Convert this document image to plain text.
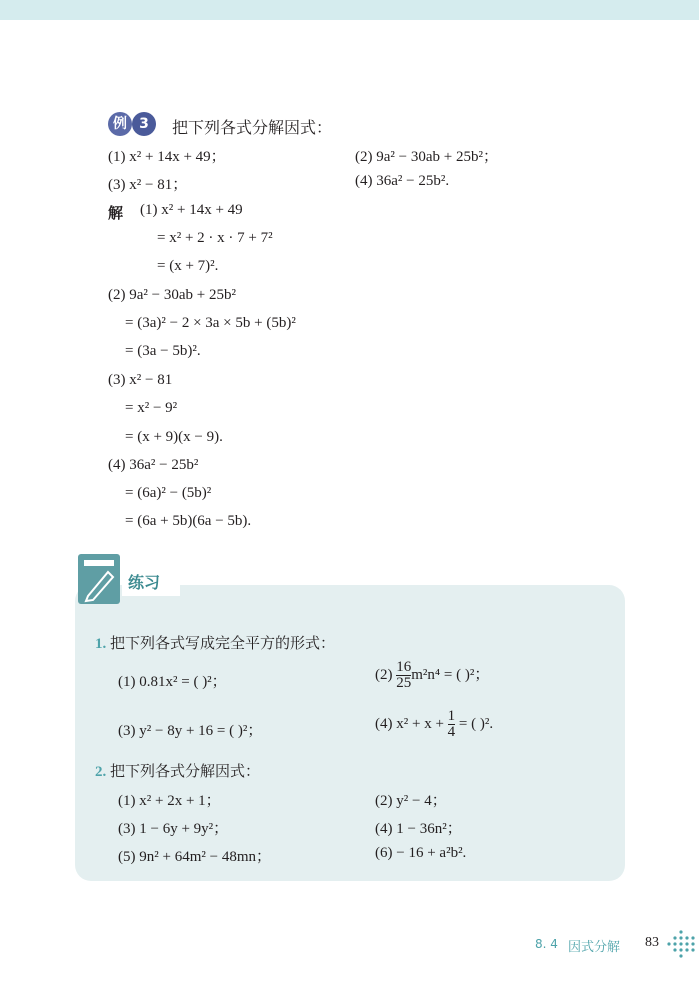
例 3	把下列各式分解因式：
(1) x² + 14x + 49；	(2) 9a² − 30ab + 25b²；
(3) x² − 81；	(4) 36a² − 25b².
解 (1) x² + 14x + 49
= x² + 2 · x · 7 + 7²
= (x + 7)².
(2) 9a² − 30ab + 25b²
= (3a)² − 2 × 3a × 5b + (5b)²
= (3a − 5b)².
(3) x² − 81
= x² − 9²
= (x + 9)(x − 9).
(4) 36a² − 25b²
= (6a)² − (5b)²
= (6a + 5b)(6a − 5b).
练习
1. 把下列各式写成完全平方的形式：
(1) 0.81x² = ( )²；	$(2) \frac{16}{25} m^2n^4$ = ( )²；
(3) y² − 8y + 16 = ( )²；	(4) $x^2 + x + \frac{1}{4}$ = ( )².
2. 把下列各式分解因式：
(1) x² + 2x + 1；	(2) y² − 4；
(3) 1 − 6y + 9y²；	(4) 1 − 36n²；
(5) 9n² + 64m² − 48mn；	(6) − 16 + a²b².
8. 4 因式分解 83
